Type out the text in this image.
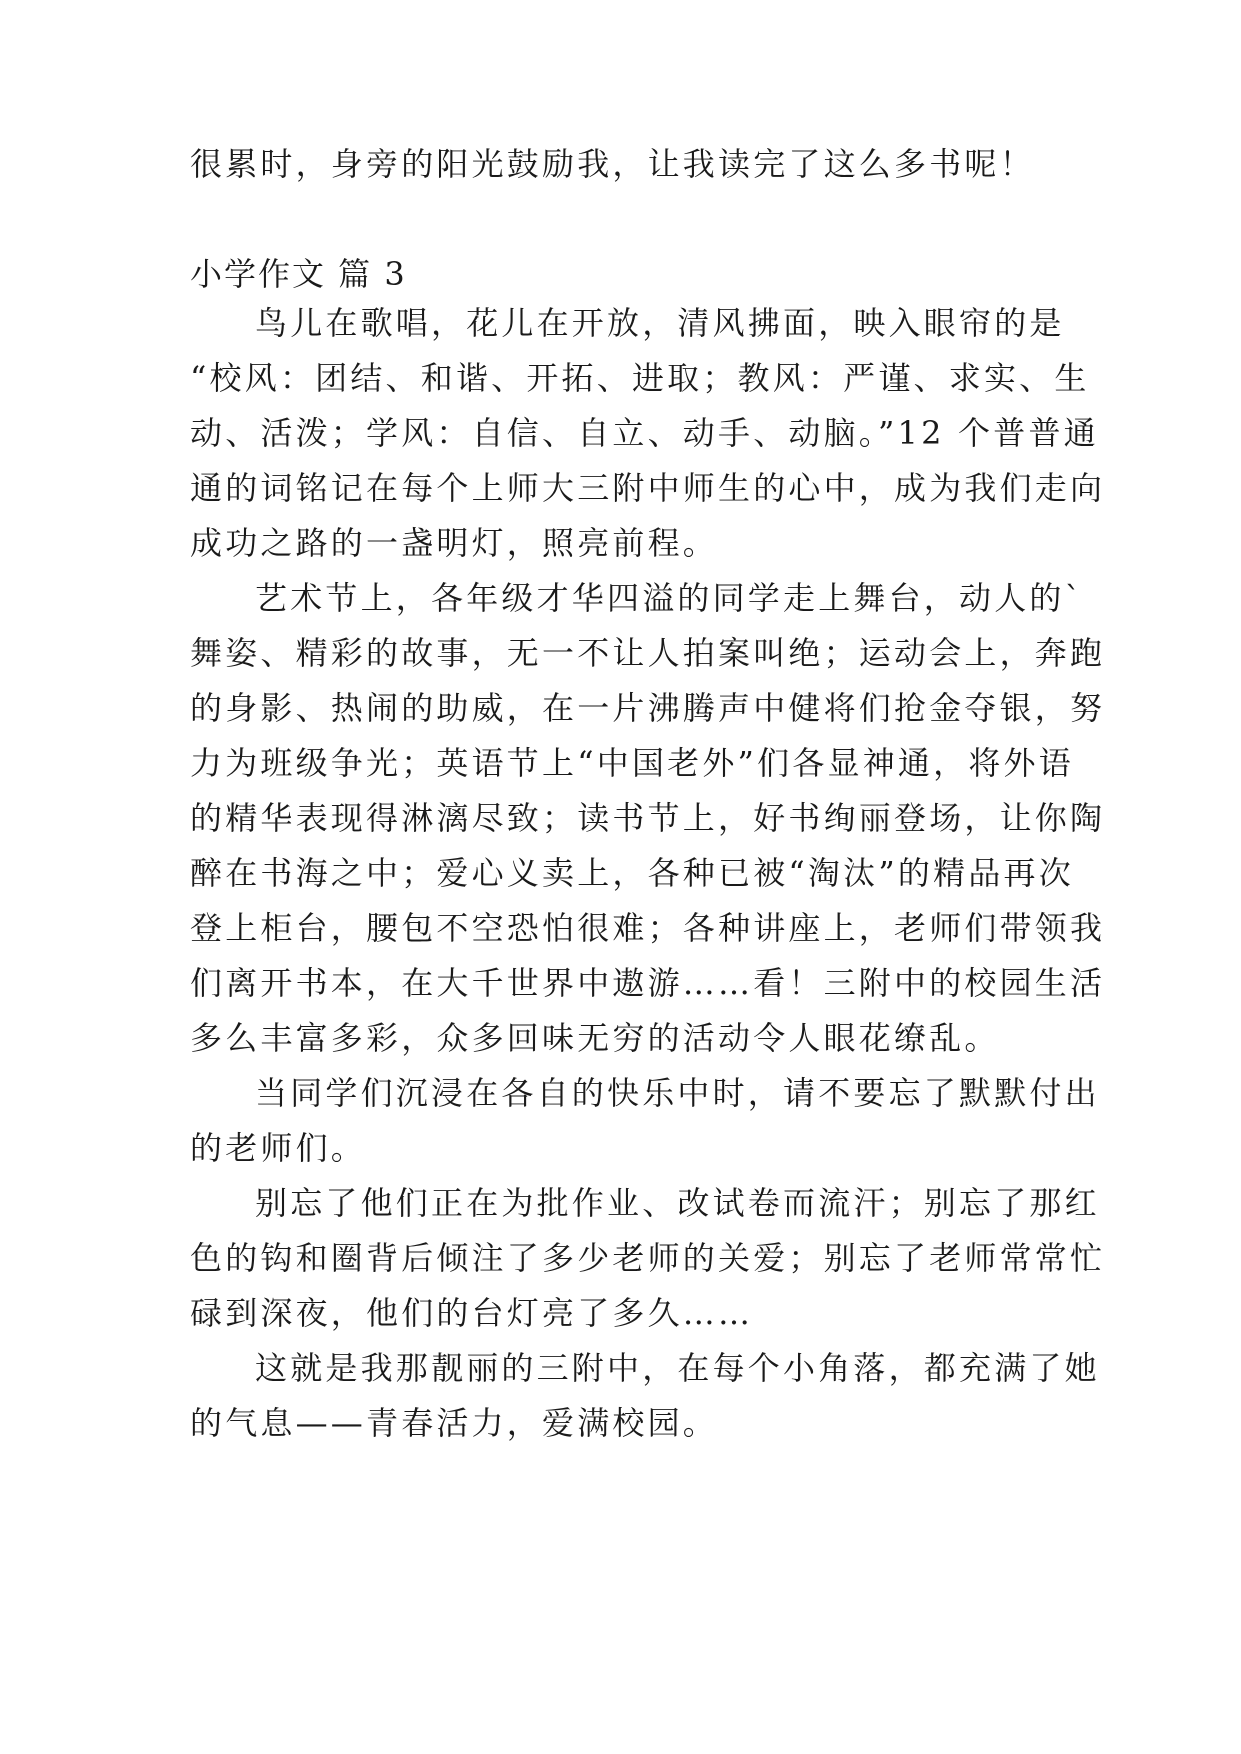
很累时，身旁的阳光鼓励我，让我读完了这么多书呢！
小学作文 篇 3
鸟儿在歌唱，花儿在开放，清风拂面，映入眼帘的是
“校风：团结、和谐、开拓、进取；教风：严谨、求实、生
动、活泼；学风：自信、自立、动手、动脑。”12 个普普通
通的词铭记在每个上师大三附中师生的心中，成为我们走向
成功之路的一盏明灯，照亮前程。
艺术节上，各年级才华四溢的同学走上舞台，动人的`
舞姿、精彩的故事，无一不让人拍案叫绝；运动会上，奔跑
的身影、热闹的助威，在一片沸腾声中健将们抢金夺银，努
力为班级争光；英语节上“中国老外”们各显神通，将外语
的精华表现得淋漓尽致；读书节上，好书绚丽登场，让你陶
醉在书海之中；爱心义卖上，各种已被“淘汰”的精品再次
登上柜台，腰包不空恐怕很难；各种讲座上，老师们带领我
们离开书本，在大千世界中遨游……看！三附中的校园生活
多么丰富多彩，众多回味无穷的活动令人眼花缭乱。
当同学们沉浸在各自的快乐中时，请不要忘了默默付出
的老师们。
别忘了他们正在为批作业、改试卷而流汗；别忘了那红
色的钩和圈背后倾注了多少老师的关爱；别忘了老师常常忙
碌到深夜，他们的台灯亮了多久……
这就是我那靓丽的三附中，在每个小角落，都充满了她
的气息——青春活力，爱满校园。
